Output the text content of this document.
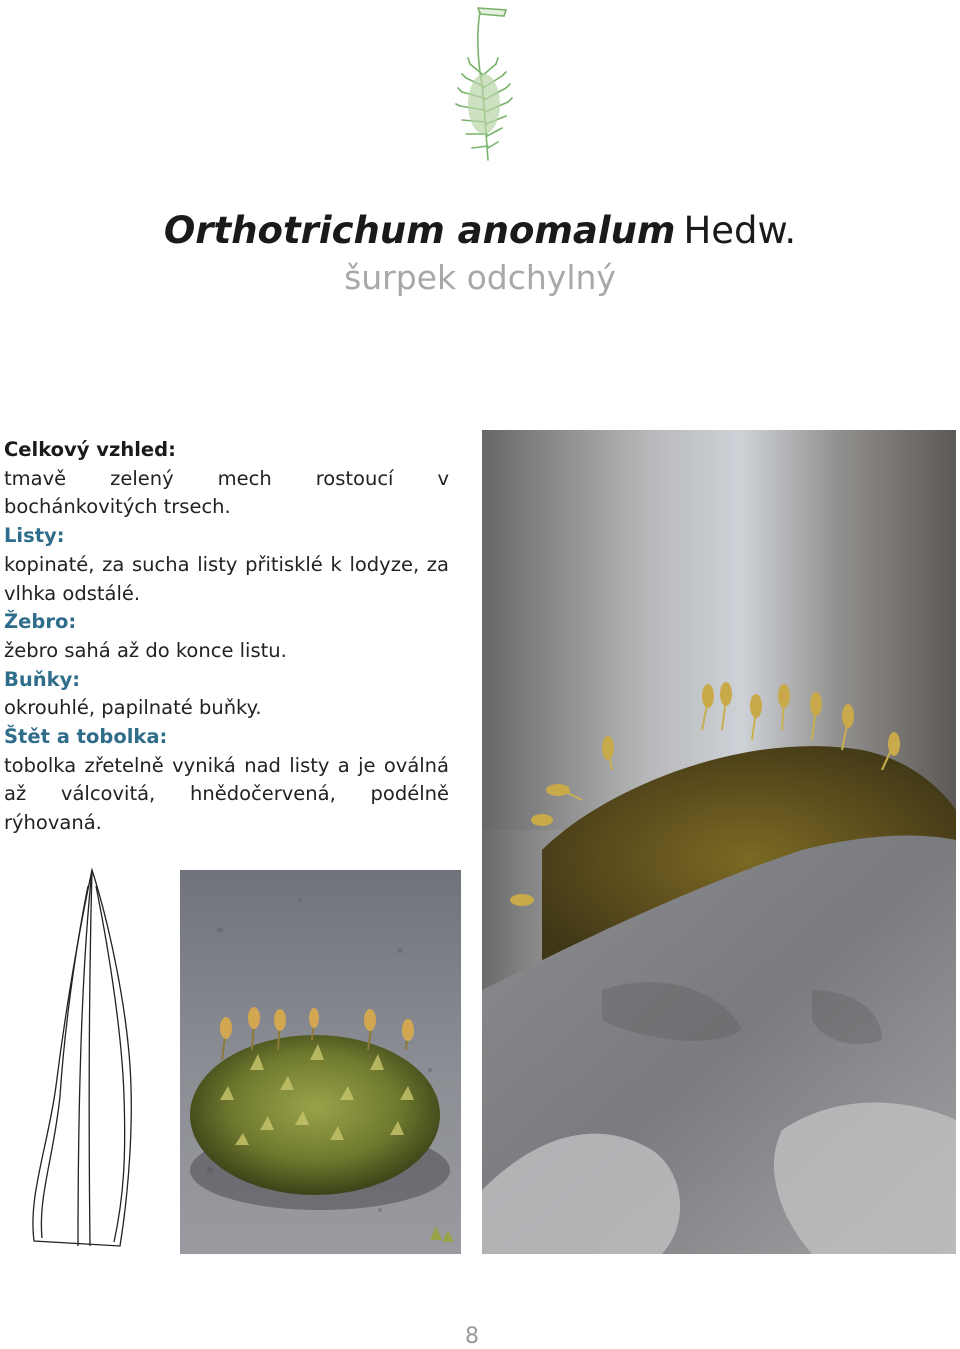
Orthotrichum anomalum Hedw.
šurpek odchylný
Celkový vzhled:
tmavě zelený mech rostoucí v bochánkovitých trsech.
Listy:
kopinaté, za sucha listy přitisklé k lodyze, za vlhka odstálé.
Žebro:
žebro sahá až do konce listu.
Buňky:
okrouhlé, papilnaté buňky.
Štět a tobolka:
tobolka zřetelně vyniká nad listy a je oválná až válcovitá, hnědočervená, podélně rýhovaná.
8
